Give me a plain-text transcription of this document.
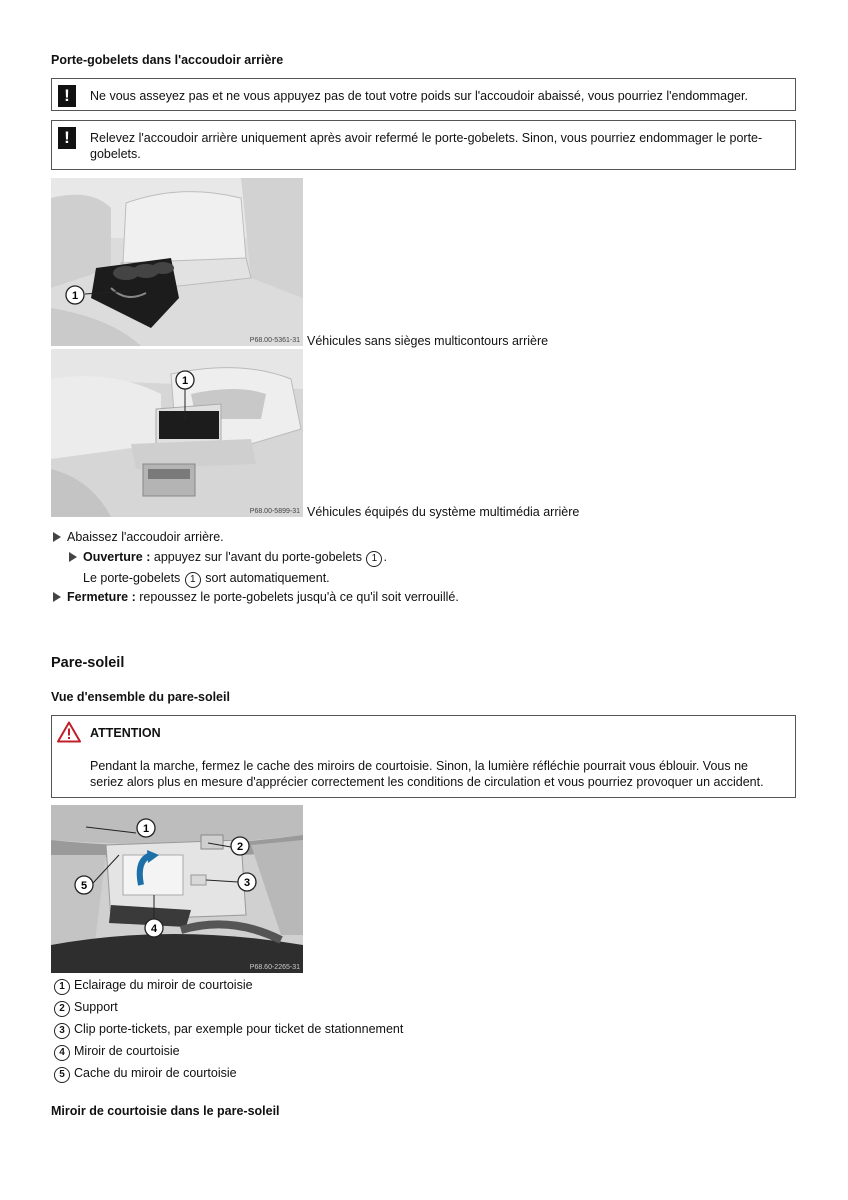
Porte-gobelets dans l'accoudoir arrière
!	Ne vous asseyez pas et ne vous appuyez pas de tout votre poids sur l'accoudoir abaissé, vous pourriez l'endommager.
!	Relevez l'accoudoir arrière uniquement après avoir refermé le porte-gobelets. Sinon, vous pourriez endommager le porte-gobelets.
1
P68.00-5361-31 Véhicules sans sièges multicontours arrière
1
P68.00-5899-31 Véhicules équipés du système multimédia arrière
Abaissez l'accoudoir arrière.
Ouverture : appuyez sur l'avant du porte-gobelets 1 .
Le porte-gobelets 1 sort automatiquement.
Fermeture : repoussez le porte-gobelets jusqu'à ce qu'il soit verrouillé.
Pare-soleil
Vue d'ensemble du pare-soleil
ATTENTION
Pendant la marche, fermez le cache des miroirs de courtoisie. Sinon, la lumière réfléchie pourrait vous éblouir. Vous ne seriez alors plus en mesure d'apprécier correctement les conditions de circulation et vous pourriez provoquer un accident.
1
2
3
4
5
P68.60-2265-31
1 Eclairage du miroir de courtoisie
2 Support
3 Clip porte-tickets, par exemple pour ticket de stationnement
4 Miroir de courtoisie
5 Cache du miroir de courtoisie
Miroir de courtoisie dans le pare-soleil
